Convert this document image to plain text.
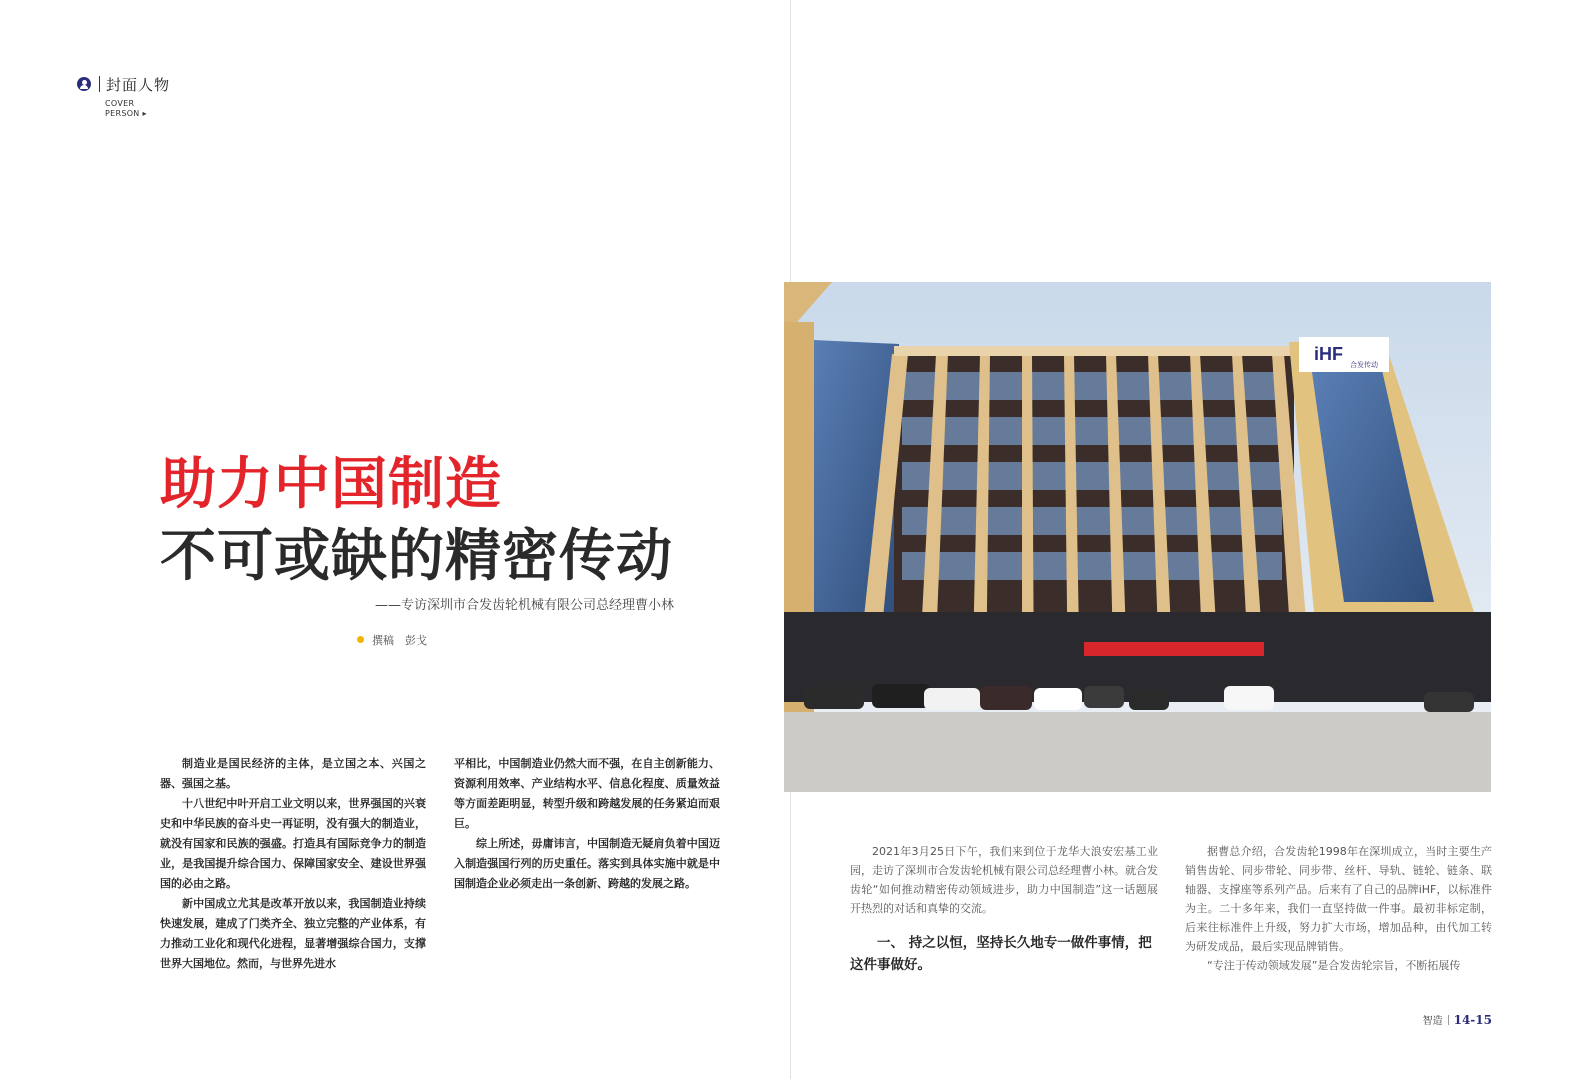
封面人物
COVER
PERSON ▸
助力中国制造
不可或缺的精密传动
——专访深圳市合发齿轮机械有限公司总经理曹小林
撰稿　彭戈

制造业是国民经济的主体，是立国之本、兴国之器、强国之基。

十八世纪中叶开启工业文明以来，世界强国的兴衰史和中华民族的奋斗史一再证明，没有强大的制造业，就没有国家和民族的强盛。打造具有国际竞争力的制造业，是我国提升综合国力、保障国家安全、建设世界强国的必由之路。

新中国成立尤其是改革开放以来，我国制造业持续快速发展，建成了门类齐全、独立完整的产业体系，有力推动工业化和现代化进程，显著增强综合国力，支撑世界大国地位。然而，与世界先进水

平相比，中国制造业仍然大而不强，在自主创新能力、资源利用效率、产业结构水平、信息化程度、质量效益等方面差距明显，转型升级和跨越发展的任务紧迫而艰巨。

综上所述，毋庸讳言，中国制造无疑肩负着中国迈入制造强国行列的历史重任。落实到具体实施中就是中国制造企业必须走出一条创新、跨越的发展之路。

iHF
合发传动

2021年3月25日下午，我们来到位于龙华大浪安宏基工业园，走访了深圳市合发齿轮机械有限公司总经理曹小林。就合发齿轮“如何推动精密传动领域进步，助力中国制造”这一话题展开热烈的对话和真挚的交流。

一、 持之以恒，坚持长久地专一做件事情，把这件事做好。

据曹总介绍，合发齿轮1998年在深圳成立，当时主要生产销售齿轮、同步带轮、同步带、丝杆、导轨、链轮、链条、联轴器、支撑座等系列产品。后来有了自己的品牌iHF，以标准件为主。二十多年来，我们一直坚持做一件事。最初非标定制，后来往标准件上升级，努力扩大市场，增加品种，由代加工转为研发成品，最后实现品牌销售。

“专注于传动领域发展”是合发齿轮宗旨，不断拓展传

智造 14-15
